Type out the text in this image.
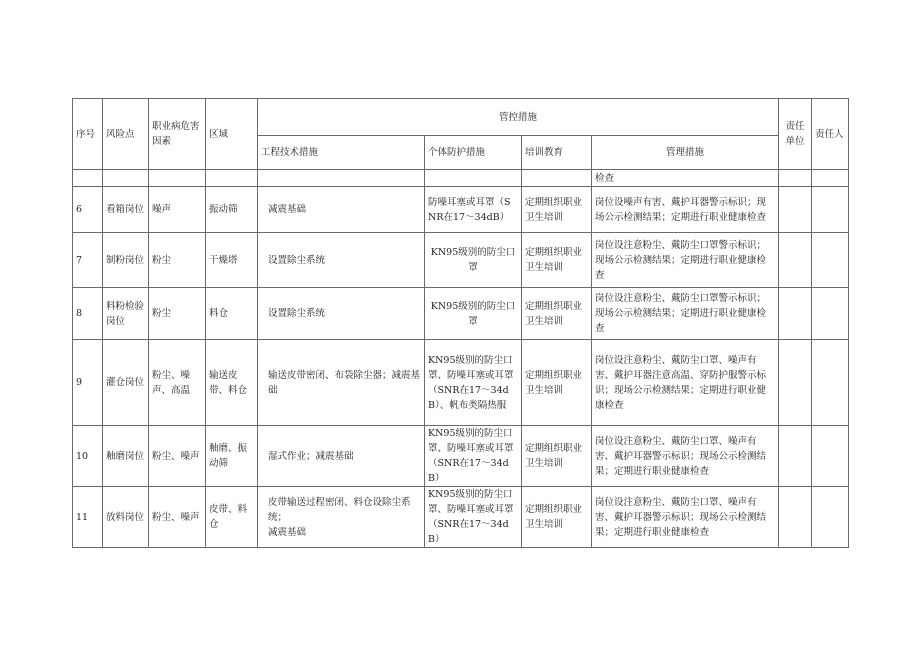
序号	风险点	职业病危害因素	区域	管控措施				责任单位	责任人
				工程技术措施	个体防护措施	培训教育	管理措施		
							检查		
6	看箱岗位	噪声	振动筛	减震基础	防噪耳塞或耳罩（SNR在17～34dB）	定期组织职业卫生培训	岗位设噪声有害、戴护耳器警示标识；现场公示检测结果；定期进行职业健康检查		
7	制粉岗位	粉尘	干燥塔	设置除尘系统	KN95级别的防尘口罩	定期组织职业卫生培训	岗位设注意粉尘、戴防尘口罩警示标识；现场公示检测结果；定期进行职业健康检查		
8	料粉检验岗位	粉尘	料仓	设置除尘系统	KN95级别的防尘口罩	定期组织职业卫生培训	岗位设注意粉尘、戴防尘口罩警示标识；现场公示检测结果；定期进行职业健康检查		
9	灌仓岗位	粉尘、噪声、高温	输送皮带、料仓	输送皮带密闭、布袋除尘器；减震基础	KN95级别的防尘口罩、防噪耳塞或耳罩（SNR在17～34dB）、帆布类隔热服	定期组织职业卫生培训	岗位设注意粉尘、戴防尘口罩、噪声有害、戴护耳器注意高温、穿防护服警示标识；现场公示检测结果；定期进行职业健康检查		
10	釉磨岗位	粉尘、噪声	釉磨、振动筛	湿式作业；减震基础	KN95级别的防尘口罩、防噪耳塞或耳罩（SNR在17～34dB）	定期组织职业卫生培训	岗位设注意粉尘、戴防尘口罩、噪声有害、戴护耳器警示标识；现场公示检测结果；定期进行职业健康检查		
11	放料岗位	粉尘、噪声	皮带、料仓	皮带输送过程密闭、料仓设除尘系统；
减震基础	KN95级别的防尘口罩、防噪耳塞或耳罩（SNR在17～34dB）	定期组织职业卫生培训	岗位设注意粉尘、戴防尘口罩、噪声有害、戴护耳器警示标识；现场公示检测结果；定期进行职业健康检查		
